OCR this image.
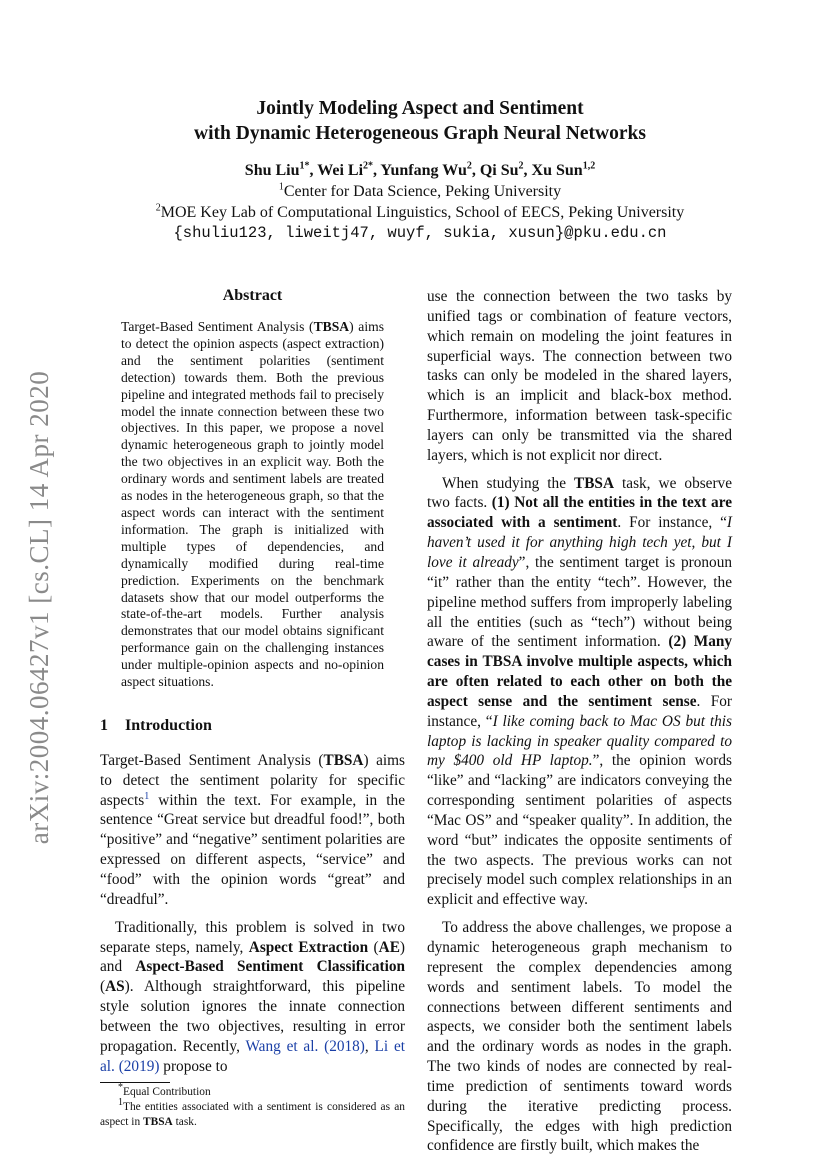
arXiv:2004.06427v1 [cs.CL] 14 Apr 2020
Jointly Modeling Aspect and Sentiment
with Dynamic Heterogeneous Graph Neural Networks
Shu Liu$^{1*}$, Wei $Li^{2*}$, Yunfang Wu$^2$, Qi Su$^2$, Xu Sun$^{1,2}$
$^1$Center for Data Science, Peking University
$^2$MOE Key Lab of Computational Linguistics, School of EECS, Peking University
{shuliu123, liweitj47, wuyf, sukia, xusun}@pku.edu.cn
Abstract

Target-Based Sentiment Analysis (TBSA) aims to detect the opinion aspects (aspect extraction) and the sentiment polarities (sentiment detection) towards them. Both the previous pipeline and integrated methods fail to precisely model the innate connection between these two objectives. In this paper, we propose a novel dynamic heterogeneous graph to jointly model the two objectives in an explicit way. Both the ordinary words and sentiment labels are treated as nodes in the heterogeneous graph, so that the aspect words can interact with the sentiment information. The graph is initialized with multiple types of dependencies, and dynamically modified during real-time prediction. Experiments on the benchmark datasets show that our model outperforms the state-of-the-art models. Further analysis demonstrates that our model obtains significant performance gain on the challenging instances under multiple-opinion aspects and no-opinion aspect situations.

1 Introduction

Target-Based Sentiment Analysis (TBSA) aims to detect the sentiment polarity for specific aspects$^1$ within the text. For example, in the sentence “Great service but dreadful food!”, both “positive” and “negative” sentiment polarities are expressed on different aspects, “service” and “food” with the opinion words “great” and “dreadful”.

Traditionally, this problem is solved in two separate steps, namely, Aspect Extraction (AE) and Aspect-Based Sentiment Classification (AS). Although straightforward, this pipeline style solution ignores the innate connection between the two objectives, resulting in error propagation. Recently, Wang et al. (2018), Li et al. (2019) propose to

*Equal Contribution

$^1$The entities associated with a sentiment is considered as an aspect in TBSA task.

use the connection between the two tasks by unified tags or combination of feature vectors, which remain on modeling the joint features in superficial ways. The connection between two tasks can only be modeled in the shared layers, which is an implicit and black-box method. Furthermore, information between task-specific layers can only be transmitted via the shared layers, which is not explicit nor direct.

When studying the TBSA task, we observe two facts. (1) Not all the entities in the text are associated with a sentiment. For instance, “I haven’t used it for anything high tech yet, but I love it already”, the sentiment target is pronoun “it” rather than the entity “tech”. However, the pipeline method suffers from improperly labeling all the entities (such as “tech”) without being aware of the sentiment information. (2) Many cases in TBSA involve multiple aspects, which are often related to each other on both the aspect sense and the sentiment sense. For instance, “I like coming back to Mac OS but this laptop is lacking in speaker quality compared to my $400 old HP laptop.”, the opinion words “like” and “lacking” are indicators conveying the corresponding sentiment polarities of aspects “Mac OS” and “speaker quality”. In addition, the word “but” indicates the opposite sentiments of the two aspects. The previous works can not precisely model such complex relationships in an explicit and effective way.

To address the above challenges, we propose a dynamic heterogeneous graph mechanism to represent the complex dependencies among words and sentiment labels. To model the connections between different sentiments and aspects, we consider both the sentiment labels and the ordinary words as nodes in the graph. The two kinds of nodes are connected by real-time prediction of sentiments toward words during the iterative predicting process. Specifically, the edges with high prediction confidence are firstly built, which makes the
